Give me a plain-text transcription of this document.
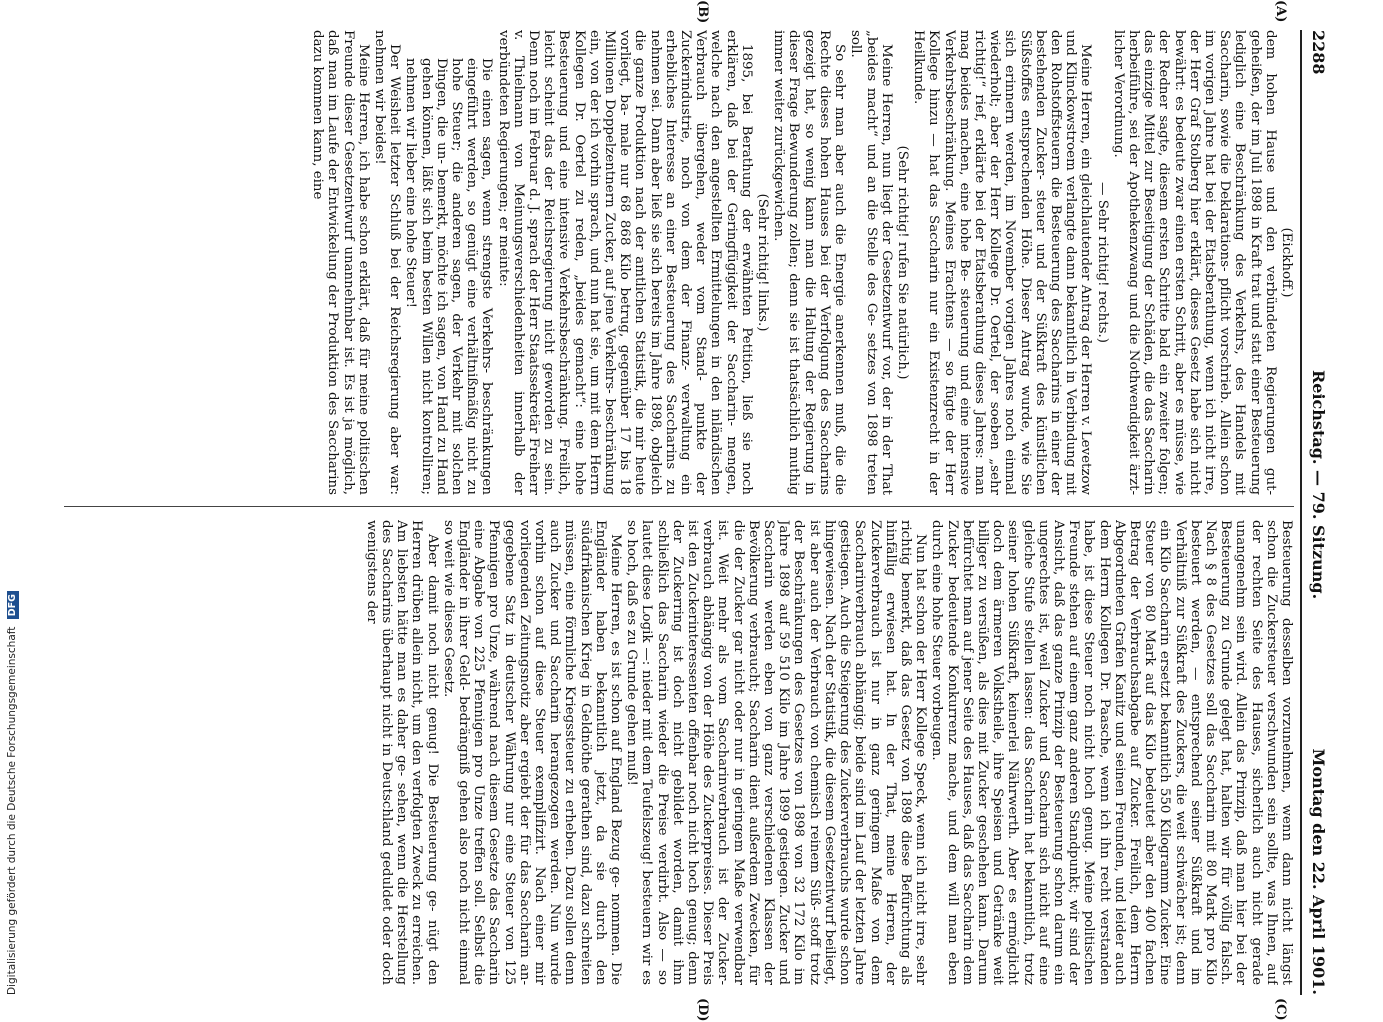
2288
Reichstag. — 79. Sitzung.
Montag den 22. April 1901.
(A)
(B)
(C)
(D)

(Eickhoff.)

dem hohen Hause und den verbündeten Regierungen gut- geheißen, der im Juli 1898 in Kraft trat und statt einer Besteuerung lediglich eine Beschränkung des Verkehrs, des Handels mit Saccharin, sowie die Deklarations- pflicht vorschrieb. Allein schon im vorigen Jahre hat bei der Etatsberathung, wenn ich nicht irre, der Herr Graf Stolberg hier erklärt, dieses Gesetz habe sich nicht bewährt: es bedeute zwar einen ersten Schritt, aber es müsse, wie der Redner sagte, diesem ersten Schritte bald ein zweiter folgen; das einzige Mittel zur Beseitigung der Schäden, die das Saccharin herbeiführe, sei der Apothekenzwang und die Nothwendigkeit ärzt- licher Verordnung.

— Sehr richtig! rechts.)

Meine Herren, ein gleichlautender Antrag der Herren v. Levetzow und Klinckowstroem verlangte dann bekanntlich in Verbindung mit den Rohstoffsteuern die Besteuerung des Saccharins in einer der bestehenden Zucker- steuer und der Süßkraft des künstlichen Süßstoffes entsprechenden Höhe. Dieser Antrag wurde, wie Sie sich erinnern werden, im November vorigen Jahres noch einmal wiederholt; aber der Herr Kollege Dr. Oertel, der soeben „sehr richtig!“ rief, erklärte bei der Etatsberathung dieses Jahres: man mag beides machen, eine hohe Be- steuerung und eine intensive Verkehrsbeschränkung. Meines Erachtens — so fügte der Herr Kollege hinzu — hat das Saccharin nur ein Existenzrecht in der Heilkunde.

(Sehr richtig! rufen Sie natürlich.)

Meine Herren, nun liegt der Gesetzentwurf vor, der in der That „beides macht“ und an die Stelle des Ge- setzes von 1898 treten soll.

So sehr man aber auch die Energie anerkennen muß, die die Rechte dieses hohen Hauses bei der Verfolgung des Saccharins gezeigt hat, so wenig kann man die Haltung der Regierung in dieser Frage Bewunderung zollen; denn sie ist thatsächlich muthig immer weiter zurückgewichen.

(Sehr richtig! links.)

1895, bei Berathung der erwähnten Petition, ließ sie noch erklären, daß bei der Geringfügigkeit der Saccharin- mengen, welche nach den angestellten Ermittelungen in den inländischen Verbrauch übergehen, weder vom Stand- punkte der Zuckerindustrie, noch von dem der Finanz- verwaltung ein erhebliches Interesse an einer Besteuerung des Saccharins zu nehmen sei. Dann aber ließ sie sich bereits im Jahre 1898, obgleich die ganze Produktion nach der amtlichen Statistik, die mir heute vorliegt, ba- male nur 68 868 Kilo betrug, gegenüber 17 bis 18 Millionen Doppelzentnern Zucker, auf jene Verkehrs- beschränkung ein, von der ich vorhin sprach, und nun hat sie, um mit dem Herrn Kollegen Dr. Oertel zu reden, „beides gemacht“: eine hohe Besteuerung und eine intensive Verkehrsbeschränkung. Freilich, leicht scheint das der Reichsregierung nicht geworden zu sein. Denn noch im Februar d. J. sprach der Herr Staatssekretär Freiherr v. Thielmann von Meinungsverschiedenheiten innerhalb der verbündeten Regierungen; er meinte:

Die einen sagen, wenn strengste Verkehrs- beschränkungen eingeführt werden, so genügt eine verhältnißmäßig nicht zu hohe Steuer; die anderen sagen, der Verkehr mit solchen Dingen, die un- bemerkt, möchte ich sagen, von Hand zu Hand gehen können, läßt sich beim besten Willen nicht kontrolliren; nehmen wir lieber eine hohe Steuer!

Der Weisheit letzter Schluß bei der Reichsregierung aber war: nehmen wir beides!

Meine Herren, ich habe schon erklärt, daß für meine politischen Freunde dieser Gesetzentwurf unannehmbar ist. Es ist ja möglich, daß man im Laufe der Entwickelung der Produktion des Saccharins dazu kommen kann, eine

Besteuerung desselben vorzunehmen, wenn dann nicht längst schon die Zuckersteuer verschwunden sein sollte, was Ihnen, auf der rechten Seite des Hauses, sicherlich auch nicht gerade unangenehm sein wird. Allein das Prinzip, daß man hier bei der Besteuerung zu Grunde gelegt hat, halten wir für völlig falsch. Nach § 8 des Gesetzes soll das Saccharin mit 80 Mark pro Kilo besteuert werden, — entsprechend seiner Süßkraft und im Verhältniß zur Süßkraft des Zuckers, die weit schwächer ist; denn ein Kilo Saccharin ersetzt bekanntlich 550 Kilogramm Zucker. Eine Steuer von 80 Mark auf das Kilo bedeutet aber den 400 fachen Betrag der Verbrauchsabgabe auf Zucker. Freilich, dem Herrn Abgeordneten Grafen Kanitz und seinen Freunden, und leider auch dem Herrn Kollegen Dr. Paasche, wenn ich ihn recht verstanden habe, ist diese Steuer noch nicht hoch genug. Meine politischen Freunde stehen auf einem ganz anderen Standpunkt; wir sind der Ansicht, daß das ganze Prinzip der Besteuerung schon darum ein ungerechtes ist, weil Zucker und Saccharin sich nicht auf eine gleiche Stufe stellen lassen: das Saccharin hat bekanntlich, trotz seiner hohen Süßkraft, keinerlei Nährwerth. Aber es ermöglicht doch dem ärmeren Volkstheile, ihre Speisen und Getränke weit billiger zu versüßen, als dies mit Zucker geschehen kann. Darum befürchtet man auf jener Seite des Hauses, daß das Saccharin dem Zucker bedeutende Konkurrenz mache, und dem will man eben durch eine hohe Steuer vorbeugen.

Nun hat schon der Herr Kollege Speck, wenn ich nicht irre, sehr richtig bemerkt, daß das Gesetz von 1898 diese Befürchtung als hinfällig erwiesen hat. In der That, meine Herren, der Zuckerverbrauch ist nur in ganz geringem Maße von dem Saccharinverbrauch abhängig; beide sind im Lauf der letzten Jahre gestiegen. Auch die Steigerung des Zuckerverbrauchs wurde schon hingewiesen. Nach der Statistik, die diesem Gesetzentwurf beiliegt, ist aber auch der Verbrauch von chemisch reinem Süß- stoff trotz der Beschränkungen des Gesetzes von 1898 von 32 172 Kilo im Jahre 1898 auf 59 510 Kilo im Jahre 1899 gestiegen. Zucker und Saccharin werden eben von ganz verschiedenen Klassen der Bevölkerung verbraucht; Saccharin dient außerdem Zwecken, für die der Zucker gar nicht oder nur in geringem Maße verwendbar ist. Weit mehr als vom Saccharinverbrauch ist der Zucker- verbrauch abhängig von der Höhe des Zuckerpreises. Dieser Preis ist den Zuckerinteressenten offenbar noch nicht hoch genug; denn der Zuckerring ist doch nicht gebildet worden, damit ihm schließlich das Saccharin wieder die Preise verdirbt. Also — so lautet diese Logik —: nieder mit dem Teufelszeug! besteuern wir es so hoch, daß es zu Grunde gehen muß!

Meine Herren, es ist schon auf England Bezug ge- nommen. Die Engländer haben bekanntlich jetzt, da sie durch den südafrikanischen Krieg in Geldnöthe gerathen sind, dazu schreiten müssen, eine förmliche Kriegssteuer zu erheben. Dazu sollen denn auch Zucker und Saccharin herangezogen werden. Nun wurde vorhin schon auf diese Steuer exemplifizirt. Nach einer mir vorliegenden Zeitungsnotiz aber ergiebt der für das Saccharin an- gegebene Satz in deutscher Währung nur eine Steuer von 125 Pfennigen pro Unze, während nach diesem Gesetze das Saccharin eine Abgabe von 225 Pfennigen pro Unze treffen soll. Selbst die Engländer in ihrer Geld- bedrängniß gehen also noch nicht einmal so weit wie dieses Gesetz.

Aber damit noch nicht genug! Die Besteuerung ge- nügt den Herren drüben allein nicht, um den verfolgten Zweck zu erreichen. Am liebsten hätte man es daher ge- sehen, wenn die Herstellung des Saccharins überhaupt nicht in Deutschland geduldet oder doch wenigstens der

Digitalisierung gefördert durch die Deutsche Forschungsgemeinschaft DFG
